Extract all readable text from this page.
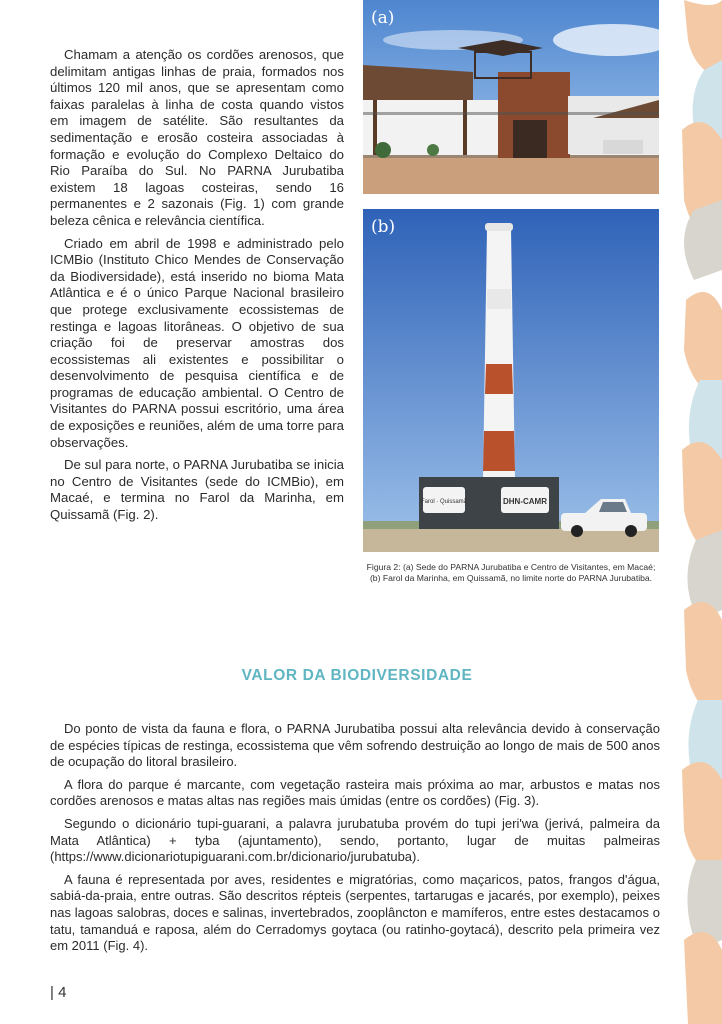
Chamam a atenção os cordões arenosos, que delimitam antigas linhas de praia, formados nos últimos 120 mil anos, que se apresentam como faixas paralelas à linha de costa quando vistos em imagem de satélite. São resultantes da sedimentação e erosão costeira associadas à formação e evolução do Complexo Deltaico do Rio Paraíba do Sul. No PARNA Jurubatiba existem 18 lagoas costeiras, sendo 16 permanentes e 2 sazonais (Fig. 1) com grande beleza cênica e relevância científica.

Criado em abril de 1998 e administrado pelo ICMBio (Instituto Chico Mendes de Conservação da Biodiversidade), está inserido no bioma Mata Atlântica e é o único Parque Nacional brasileiro que protege exclusivamente ecossistemas de restinga e lagoas litorâneas. O objetivo de sua criação foi de preservar amostras dos ecossistemas ali existentes e possibilitar o desenvolvimento de pesquisa científica e de programas de educação ambiental. O Centro de Visitantes do PARNA possui escritório, uma área de exposições e reuniões, além de uma torre para observações.

De sul para norte, o PARNA Jurubatiba se inicia no Centro de Visitantes (sede do ICMBio), em Macaé, e termina no Farol da Marinha, em Quissamã (Fig. 2).

(a)
Farol · Quissamã	DHN-CAMR
(b)
Figura 2: (a) Sede do PARNA Jurubatiba e Centro de Visitantes, em Macaé; (b) Farol da Marinha, em Quissamã, no limite norte do PARNA Jurubatiba.
VALOR DA BIODIVERSIDADE

Do ponto de vista da fauna e flora, o PARNA Jurubatiba possui alta relevância devido à conservação de espécies típicas de restinga, ecossistema que vêm sofrendo destruição ao longo de mais de 500 anos de ocupação do litoral brasileiro.

A flora do parque é marcante, com vegetação rasteira mais próxima ao mar, arbustos e matas nos cordões arenosos e matas altas nas regiões mais úmidas (entre os cordões) (Fig. 3).

Segundo o dicionário tupi-guarani, a palavra jurubatuba provém do tupi jeri'wa (jerivá, palmeira da Mata Atlântica) + tyba (ajuntamento), sendo, portanto, lugar de muitas palmeiras (https://www.dicionariotupiguarani.com.br/dicionario/jurubatuba).

A fauna é representada por aves, residentes e migratórias, como maçaricos, patos, frangos d'água, sabiá-da-praia, entre outras. São descritos répteis (serpentes, tartarugas e jacarés, por exemplo), peixes nas lagoas salobras, doces e salinas, invertebrados, zooplâncton e mamíferos, entre estes destacamos o tatu, tamanduá e raposa, além do Cerradomys goytaca (ou ratinho-goytacá), descrito pela primeira vez em 2011 (Fig. 4).

| 4
